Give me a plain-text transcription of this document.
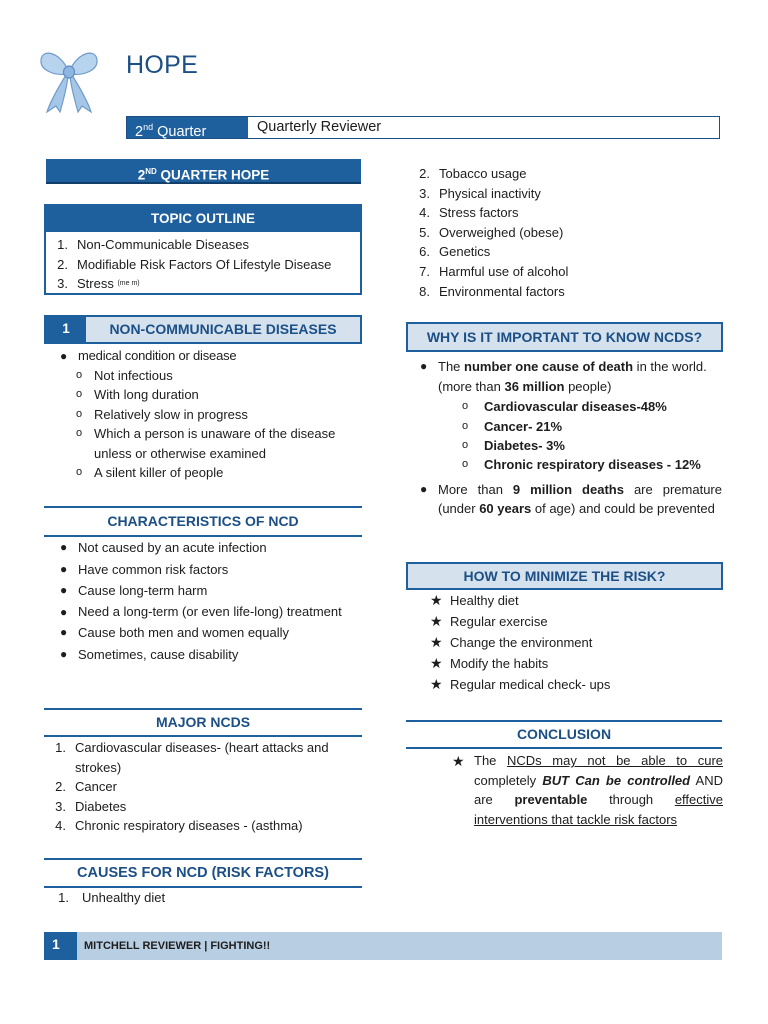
HOPE
2nd Quarter	Quarterly Reviewer
2ND QUARTER HOPE
TOPIC OUTLINE
1. Non-Communicable Diseases
2. Modifiable Risk Factors Of Lifestyle Disease
3. Stress
(me m)
1	NON-COMMUNICABLE DISEASES
● medical condition or disease
o Not infectious
o With long duration
o Relatively slow in progress
o Which a person is unaware of the disease unless or otherwise examined
o A silent killer of people
CHARACTERISTICS OF NCD
● Not caused by an acute infection
● Have common risk factors
● Cause long-term harm
● Need a long-term (or even life-long) treatment
● Cause both men and women equally
● Sometimes, cause disability
MAJOR NCDS
1. Cardiovascular diseases- (heart attacks and strokes)
2. Cancer
3. Diabetes
4. Chronic respiratory diseases - (asthma)
CAUSES FOR NCD (RISK FACTORS)
1. Unhealthy diet
2. Tobacco usage
3. Physical inactivity
4. Stress factors
5. Overweighed (obese)
6. Genetics
7. Harmful use of alcohol
8. Environmental factors
WHY IS IT IMPORTANT TO KNOW NCDS?
● The number one cause of death in the world. (more than 36 million people)
o	Cardiovascular diseases-48%
o	Cancer- 21%
o	Diabetes- 3%
o	Chronic respiratory diseases - 12%
● More than 9 million deaths are premature (under 60 years of age) and could be prevented
HOW TO MINIMIZE THE RISK?
★ Healthy diet
★ Regular exercise
★ Change the environment
★ Modify the habits
★ Regular medical check- ups
CONCLUSION
★ The NCDs may not be able to cure completely BUT Can be controlled AND are preventable through effective interventions that tackle risk factors
1	MITCHELL REVIEWER | FIGHTING!!
